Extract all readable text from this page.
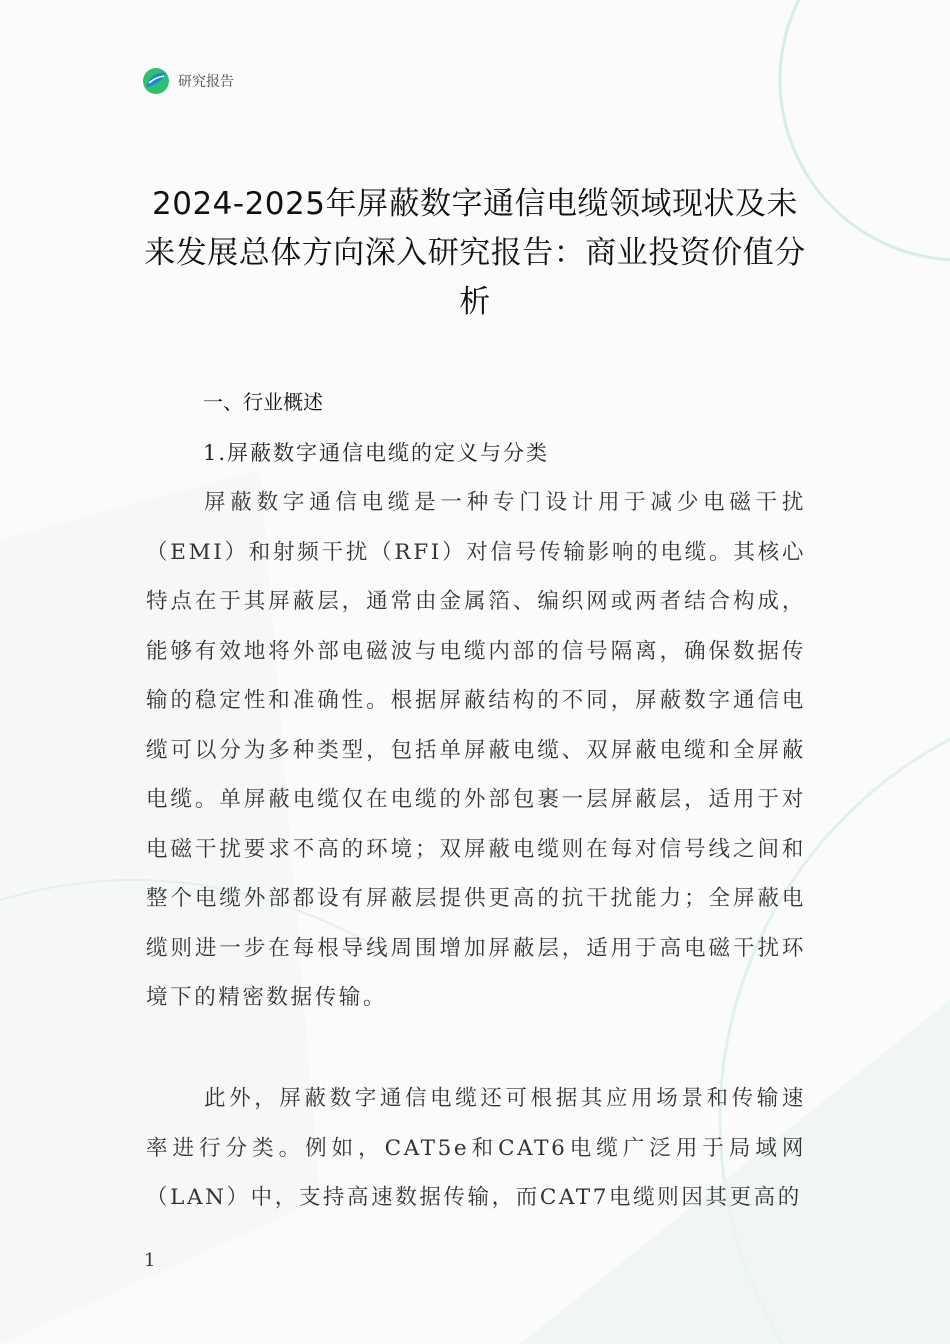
研究报告
2024-2025年屏蔽数字通信电缆领域现状及未来发展总体方向深入研究报告：商业投资价值分析
一、行业概述
1.屏蔽数字通信电缆的定义与分类

屏蔽数字通信电缆是一种专门设计用于减少电磁干扰（EMI）和射频干扰（RFI）对信号传输影响的电缆。其核心特点在于其屏蔽层，通常由金属箔、编织网或两者结合构成，能够有效地将外部电磁波与电缆内部的信号隔离，确保数据传输的稳定性和准确性。根据屏蔽结构的不同，屏蔽数字通信电缆可以分为多种类型，包括单屏蔽电缆、双屏蔽电缆和全屏蔽电缆。单屏蔽电缆仅在电缆的外部包裹一层屏蔽层，适用于对电磁干扰要求不高的环境；双屏蔽电缆则在每对信号线之间和整个电缆外部都设有屏蔽层提供更高的抗干扰能力；全屏蔽电缆则进一步在每根导线周围增加屏蔽层，适用于高电磁干扰环境下的精密数据传输。

此外，屏蔽数字通信电缆还可根据其应用场景和传输速率进行分类。例如，CAT5e和CAT6电缆广泛用于局域网（LAN）中，支持高速数据传输，而CAT7电缆则因其更高的

1
